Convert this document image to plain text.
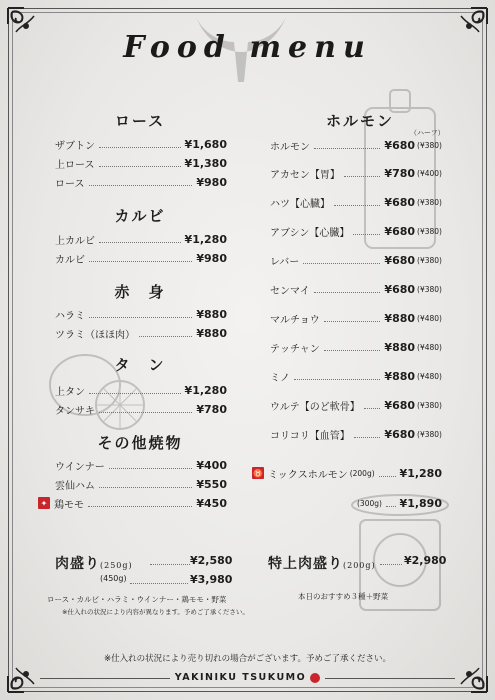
Food menu
ロース
ザブトン	¥1,680
上ロース	¥1,380
ロース	¥980
カルビ
上カルビ	¥1,280
カルビ	¥980
赤　身
ハラミ	¥880
ツラミ（ほほ肉）	¥880
タ　ン
上タン	¥1,280
タンサキ	¥780
その他焼物
ウインナー	¥400
雲仙ハム	¥550
✦ 鶏モモ	¥450
ホルモン
（ハーフ）
ホルモン	¥680 (¥380)
アカセン【胃】	¥780 (¥400)
ハツ【心臓】	¥680 (¥380)
アブシン【心臓】	¥680 (¥380)
レバー	¥680 (¥380)
センマイ	¥680 (¥380)
マルチョウ	¥880 (¥480)
テッチャン	¥880 (¥480)
ミノ	¥880 (¥480)
ウルテ【のど軟骨】 ¥680 (¥380)
コリコリ【血管】	¥680 (¥380)
♉ ミックスホルモン (200g) ¥1,280
(300g) ¥1,890
肉盛り(250g)	¥2,580
(450g)	¥3,980
ロース・カルビ・ハラミ・ウインナー・鶏モモ・野菜
※仕入れの状況により内容が異なります。予めご了承ください。
特上肉盛り(200g)	¥2,980
本日のおすすめ３種＋野菜
※仕入れの状況により売り切れの場合がございます。予めご了承ください。
YAKINIKU TSUKUMO
